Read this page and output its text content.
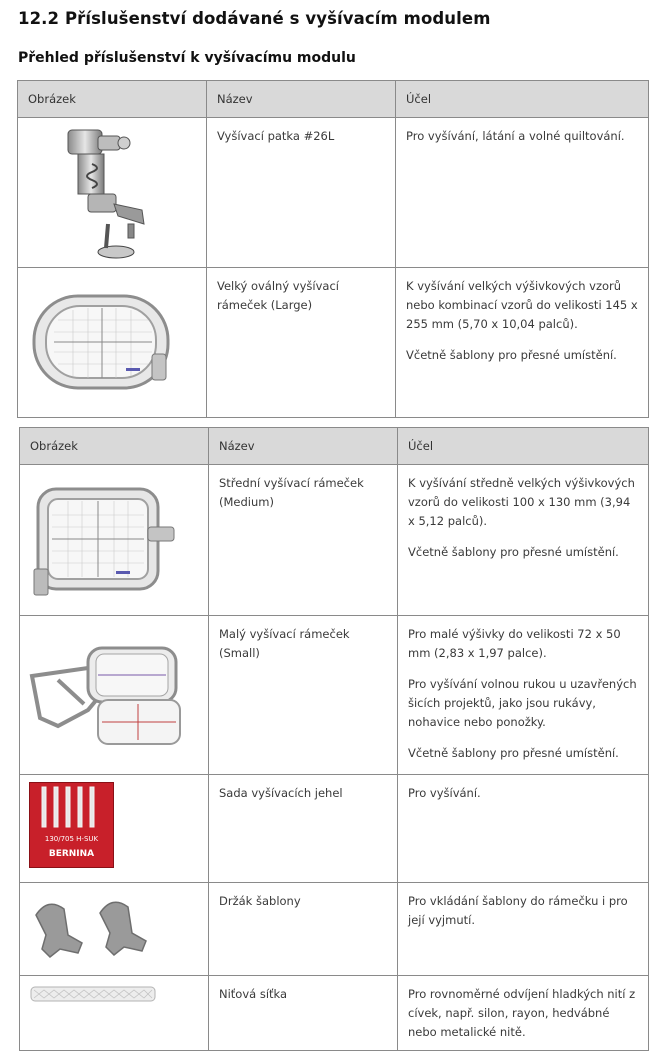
12.2 Příslušenství dodávané s vyšívacím modulem
Přehled příslušenství k vyšívacímu modulu
Obrázek	Název	Účel

	Vyšívací patka #26L	Pro vyšívání, látání a volné quiltování.

	Velký oválný vyšívací rámeček (Large)	K vyšívání velkých výšivkových vzorů nebo kombinací vzorů do velikosti 145 x 255 mm (5,70 x 10,04 palců).

Včetně šablony pro přesné umístění.

Obrázek	Název	Účel

	Střední vyšívací rámeček (Medium)	K vyšívání středně velkých výšivkových vzorů do velikosti 100 x 130 mm (3,94 x 5,12 palců).

Včetně šablony pro přesné umístění.

	Malý vyšívací rámeček (Small)	Pro malé výšivky do velikosti 72 x 50 mm (2,83 x 1,97 palce).

Pro vyšívání volnou rukou u uzavřených šicích projektů, jako jsou rukávy, nohavice nebo ponožky.

Včetně šablony pro přesné umístění.

130/705 H-SUK
BERNINA	Sada vyšívacích jehel	Pro vyšívání.

	Držák šablony	Pro vkládání šablony do rámečku i pro její vyjmutí.

	Niťová síťka	Pro rovnoměrné odvíjení hladkých nití z cívek, např. silon, rayon, hedvábné nebo metalické nitě.
